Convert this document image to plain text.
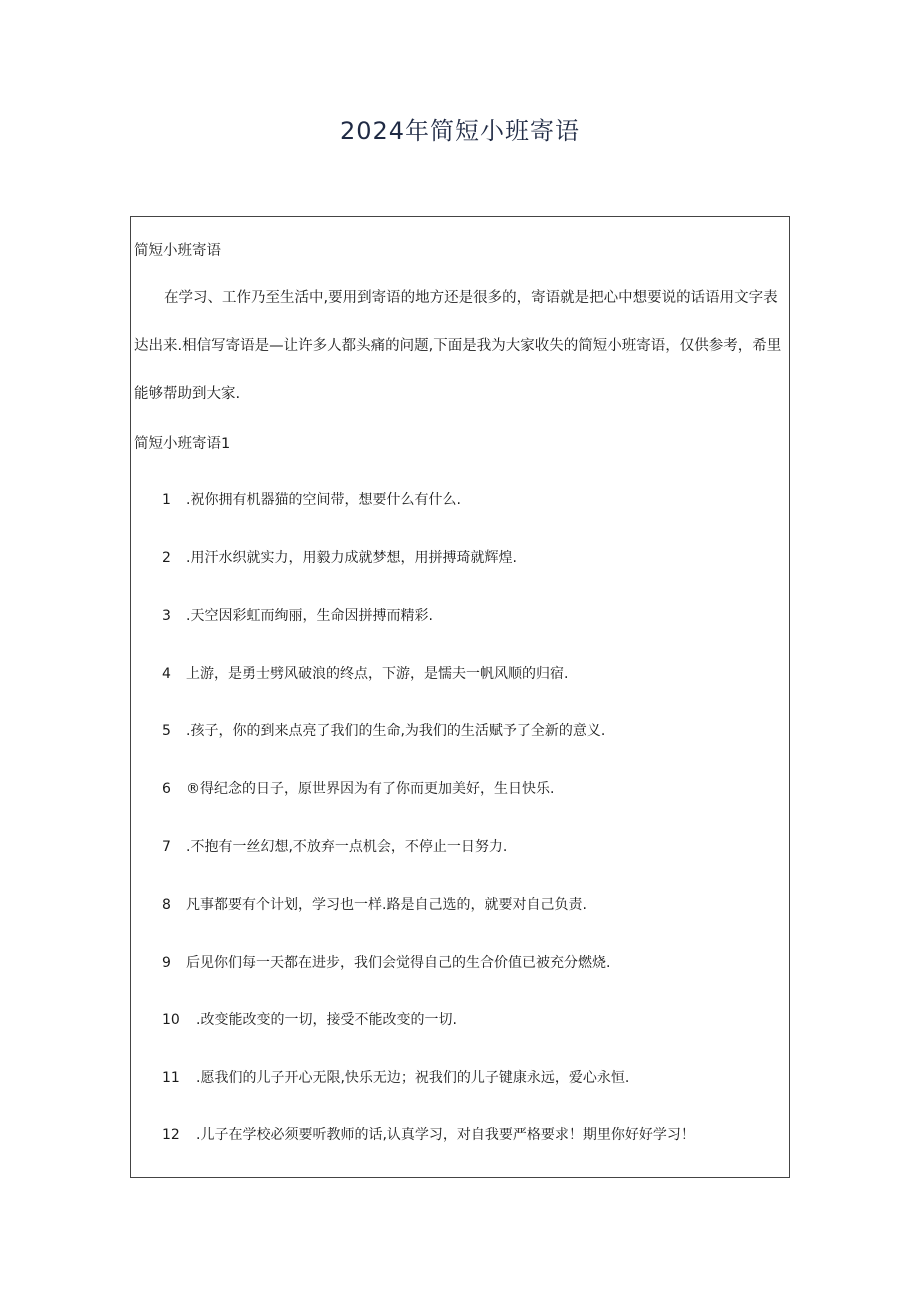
2024年简短小班寄语
简短小班寄语
在学习、工作乃至生活中,要用到寄语的地方还是很多的，寄语就是把心中想要说的话语用文字表
达出来.相信写寄语是—让许多人都头痛的问题,下面是我为大家收失的简短小班寄语，仅供参考，希里
能够帮助到大家.
简短小班寄语1
1	.祝你拥有机器猫的空间带，想要什么有什么.
2	.用汗水织就实力，用毅力成就梦想，用拼搏琦就辉煌.
3	.天空因彩虹而绚丽，生命因拼搏而精彩.
4	上游，是勇士劈风破浪的终点，下游，是懦夫一帆风顺的归宿.
5	.孩子，你的到来点亮了我们的生命,为我们的生活赋予了全新的意义.
6	®得纪念的日子，原世界因为有了你而更加美好，生日快乐.
7	.不抱有一丝幻想,不放弃一点机会，不停止一日努力.
8	凡事都要有个计划，学习也一样.路是自己选的，就要对自己负责.
9	后见你们每一天都在进步，我们会觉得自己的生合价值已被充分燃烧.
10 .改变能改变的一切，接受不能改变的一切.
11 .愿我们的儿子开心无限,快乐无边；祝我们的儿子键康永远，爱心永恒.
12 .儿子在学校必须要听教师的话,认真学习，对自我要严格要求！期里你好好学习！
